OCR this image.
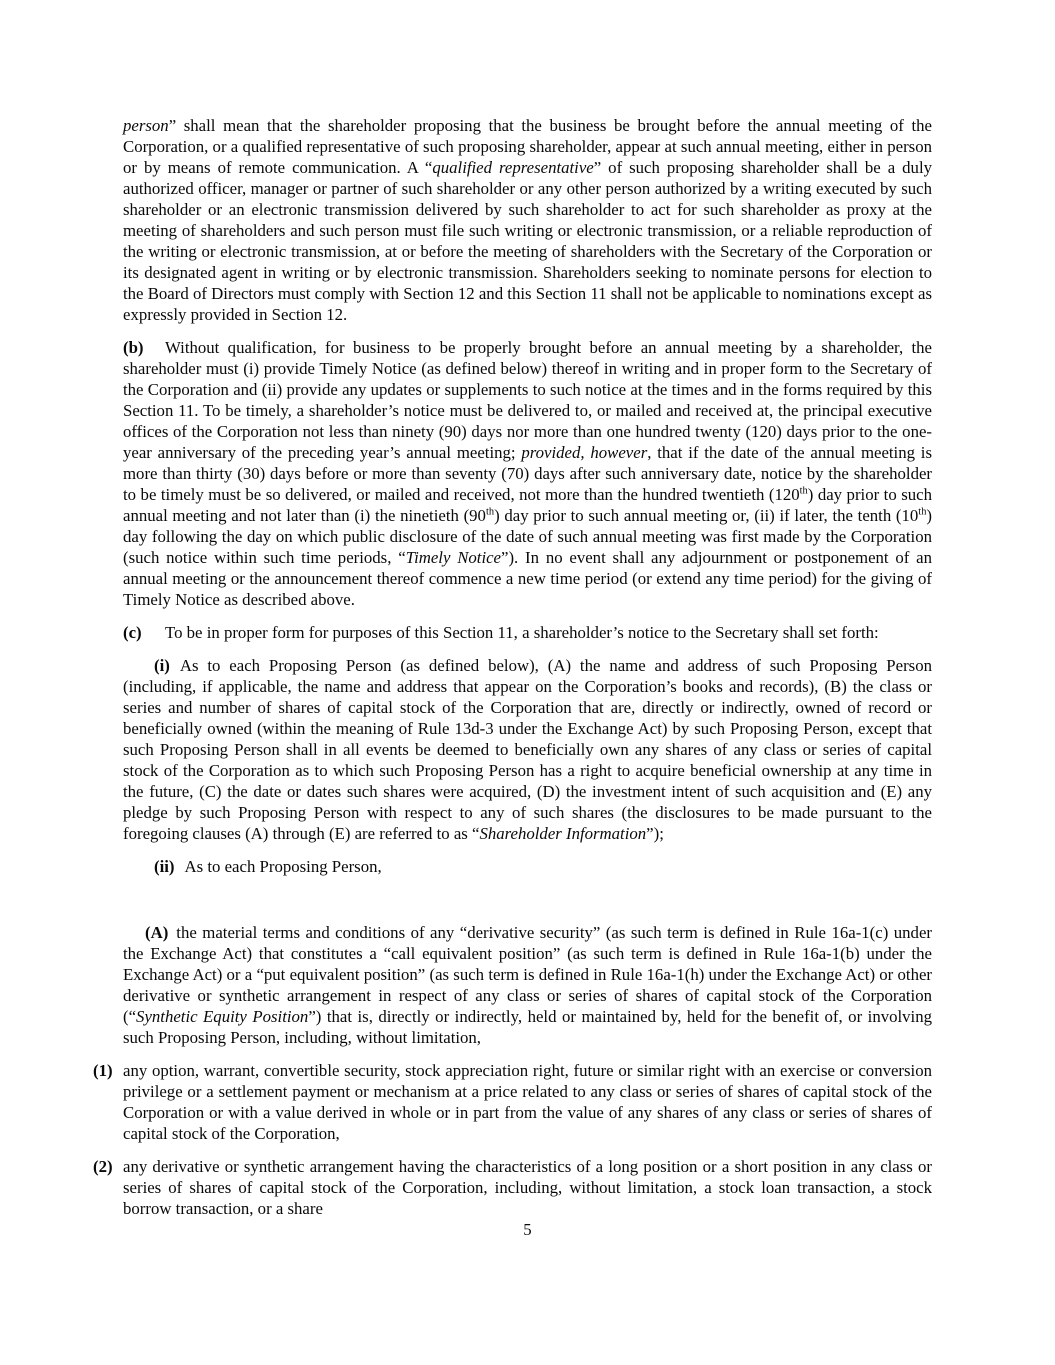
person” shall mean that the shareholder proposing that the business be brought before the annual meeting of the Corporation, or a qualified representative of such proposing shareholder, appear at such annual meeting, either in person or by means of remote communication. A “qualified representative” of such proposing shareholder shall be a duly authorized officer, manager or partner of such shareholder or any other person authorized by a writing executed by such shareholder or an electronic transmission delivered by such shareholder to act for such shareholder as proxy at the meeting of shareholders and such person must file such writing or electronic transmission, or a reliable reproduction of the writing or electronic transmission, at or before the meeting of shareholders with the Secretary of the Corporation or its designated agent in writing or by electronic transmission. Shareholders seeking to nominate persons for election to the Board of Directors must comply with Section 12 and this Section 11 shall not be applicable to nominations except as expressly provided in Section 12.

(b) Without qualification, for business to be properly brought before an annual meeting by a shareholder, the shareholder must (i) provide Timely Notice (as defined below) thereof in writing and in proper form to the Secretary of the Corporation and (ii) provide any updates or supplements to such notice at the times and in the forms required by this Section 11. To be timely, a shareholder’s notice must be delivered to, or mailed and received at, the principal executive offices of the Corporation not less than ninety (90) days nor more than one hundred twenty (120) days prior to the one-year anniversary of the preceding year’s annual meeting; provided, however, that if the date of the annual meeting is more than thirty (30) days before or more than seventy (70) days after such anniversary date, notice by the shareholder to be timely must be so delivered, or mailed and received, not more than the hundred twentieth (120th) day prior to such annual meeting and not later than (i) the ninetieth (90th) day prior to such annual meeting or, (ii) if later, the tenth (10th) day following the day on which public disclosure of the date of such annual meeting was first made by the Corporation (such notice within such time periods, “Timely Notice”). In no event shall any adjournment or postponement of an annual meeting or the announcement thereof commence a new time period (or extend any time period) for the giving of Timely Notice as described above.

(c) To be in proper form for purposes of this Section 11, a shareholder’s notice to the Secretary shall set forth:

(i) As to each Proposing Person (as defined below), (A) the name and address of such Proposing Person (including, if applicable, the name and address that appear on the Corporation’s books and records), (B) the class or series and number of shares of capital stock of the Corporation that are, directly or indirectly, owned of record or beneficially owned (within the meaning of Rule 13d-3 under the Exchange Act) by such Proposing Person, except that such Proposing Person shall in all events be deemed to beneficially own any shares of any class or series of capital stock of the Corporation as to which such Proposing Person has a right to acquire beneficial ownership at any time in the future, (C) the date or dates such shares were acquired, (D) the investment intent of such acquisition and (E) any pledge by such Proposing Person with respect to any of such shares (the disclosures to be made pursuant to the foregoing clauses (A) through (E) are referred to as “Shareholder Information”);

(ii) As to each Proposing Person,

(A) the material terms and conditions of any “derivative security” (as such term is defined in Rule 16a-1(c) under the Exchange Act) that constitutes a “call equivalent position” (as such term is defined in Rule 16a-1(b) under the Exchange Act) or a “put equivalent position” (as such term is defined in Rule 16a-1(h) under the Exchange Act) or other derivative or synthetic arrangement in respect of any class or series of shares of capital stock of the Corporation (“Synthetic Equity Position”) that is, directly or indirectly, held or maintained by, held for the benefit of, or involving such Proposing Person, including, without limitation,

(1) any option, warrant, convertible security, stock appreciation right, future or similar right with an exercise or conversion privilege or a settlement payment or mechanism at a price related to any class or series of shares of capital stock of the Corporation or with a value derived in whole or in part from the value of any shares of any class or series of shares of capital stock of the Corporation,

(2) any derivative or synthetic arrangement having the characteristics of a long position or a short position in any class or series of shares of capital stock of the Corporation, including, without limitation, a stock loan transaction, a stock borrow transaction, or a share

5
